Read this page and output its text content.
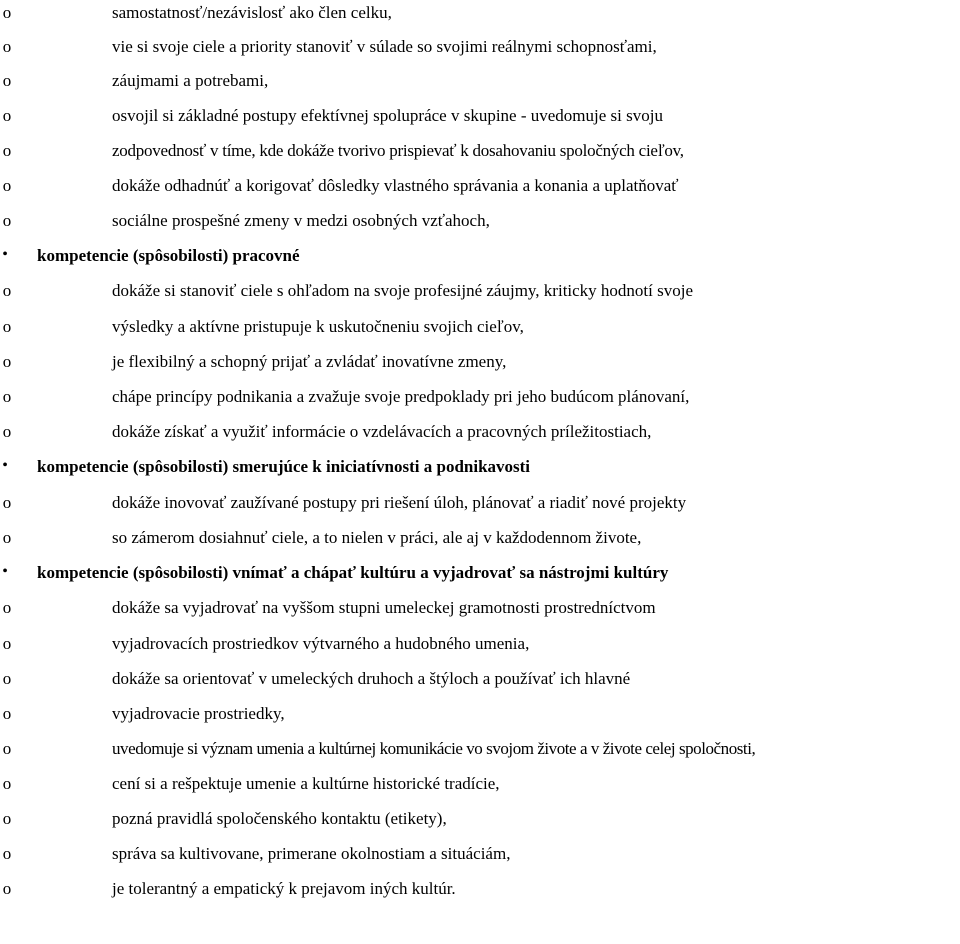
o	samostatnosť/nezávislosť ako člen celku,
o	vie si svoje ciele a priority stanoviť v súlade so svojimi reálnymi schopnosťami,
o	záujmami a potrebami,
o	osvojil si základné postupy efektívnej spolupráce v skupine - uvedomuje si svoju
o	zodpovednosť v tíme, kde dokáže tvorivo prispievať k dosahovaniu spoločných cieľov,
o	dokáže odhadnúť a korigovať dôsledky vlastného správania a konania a uplatňovať
o	sociálne prospešné zmeny v medzi osobných vzťahoch,
• kompetencie (spôsobilosti) pracovné
o	dokáže si stanoviť ciele s ohľadom na svoje profesijné záujmy, kriticky hodnotí svoje
o	výsledky a aktívne pristupuje k uskutočneniu svojich cieľov,
o	je flexibilný a schopný prijať a zvládať inovatívne zmeny,
o	chápe princípy podnikania a zvažuje svoje predpoklady pri jeho budúcom plánovaní,
o	dokáže získať a využiť informácie o vzdelávacích a pracovných príležitostiach,
• kompetencie (spôsobilosti) smerujúce k iniciatívnosti a podnikavosti
o	dokáže inovovať zaužívané postupy pri riešení úloh, plánovať a riadiť nové projekty
o	so zámerom dosiahnuť ciele, a to nielen v práci, ale aj v každodennom živote,
• kompetencie (spôsobilosti) vnímať a chápať kultúru a vyjadrovať sa nástrojmi kultúry
o	dokáže sa vyjadrovať na vyššom stupni umeleckej gramotnosti prostredníctvom
o	vyjadrovacích prostriedkov výtvarného a hudobného umenia,
o	dokáže sa orientovať v umeleckých druhoch a štýloch a používať ich hlavné
o	vyjadrovacie prostriedky,
o	uvedomuje si význam umenia a kultúrnej komunikácie vo svojom živote a v živote celej spoločnosti,
o	cení si a rešpektuje umenie a kultúrne historické tradície,
o	pozná pravidlá spoločenského kontaktu (etikety),
o	správa sa kultivovane, primerane okolnostiam a situáciám,
o	je tolerantný a empatický k prejavom iných kultúr.
